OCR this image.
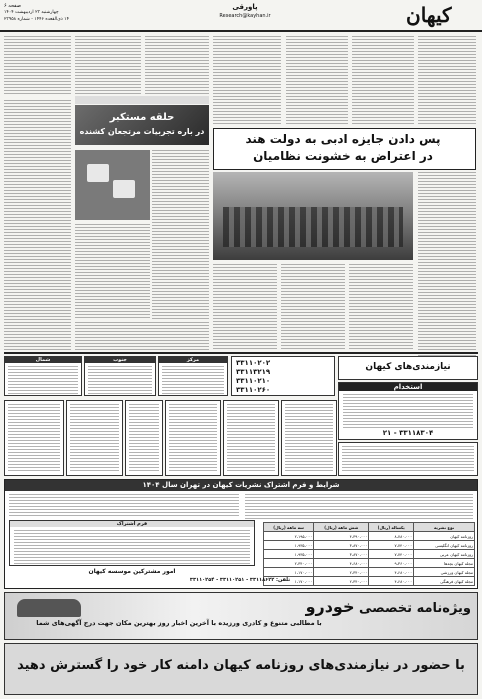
کیهان
پاورقی
Research@kayhan.ir
صفحه ۶
چهارشنبه ۲۳ اردیبهشت ۱۴۰۴
۱۴ ذی‌القعده ۱۴۴۶ - شماره ۲۳۹۵۸
حلقه مستکبر
در باره تجربیات مرتجعان کشنده
پس دادن جایزه ادبی به دولت هند
در اعتراض به خشونت نظامیان
نیازمندی‌های کیهان
۳۳۱۱۰۲۰۲
۳۳۱۱۳۲۱۹
۳۳۱۱۰۲۱۰
۳۳۱۱۰۲۶۰
مرکز
جنوب
شمال
استخدام
۳۳۱۱۸۳۰۴ - ۲۱
شرایط و فرم اشتراک نشریات کیهان در تهران سال ۱۴۰۴
نوع نشریه	یکساله (ریال)	شش ماهه (ریال)	سه ماهه (ریال)
روزنامه کیهان	۸،۷۸۰،۰۰۰	۴،۳۹۰،۰۰۰	۲،۱۹۵،۰۰۰
روزنامه کیهان انگلیسی	۷،۷۴۰،۰۰۰	۳،۸۷۰،۰۰۰	۱،۹۳۵،۰۰۰
روزنامه کیهان عربی	۷،۷۴۰،۰۰۰	۳،۸۷۰،۰۰۰	۱،۹۳۵،۰۰۰
مجله کیهان بچه‌ها	۹،۳۶۰،۰۰۰	۴،۶۸۰،۰۰۰	۲،۳۴۰،۰۰۰
مجله کیهان ورزشی	۴،۶۸۰،۰۰۰	۲،۳۴۰،۰۰۰	۱،۱۷۰،۰۰۰
مجله کیهان فرهنگی	۴،۶۸۰،۰۰۰	۲،۳۴۰،۰۰۰	۱،۱۷۰،۰۰۰
فرم اشتراک
امور مشترکین موسسه کیهان
تلفن: ۳۳۱۱۸۶۲۲ - ۳۳۱۱۰۲۵۱ - ۳۳۱۱۰۲۵۴
ویژه‌نامه تخصصی خودرو
با مطالبی متنوع و کادری ورزیده با آخرین اخبار روز بهترین مکان جهت درج آگهی‌های شما
با حضور در نیازمندی‌های روزنامه کیهان دامنه کار خود را گسترش دهید
